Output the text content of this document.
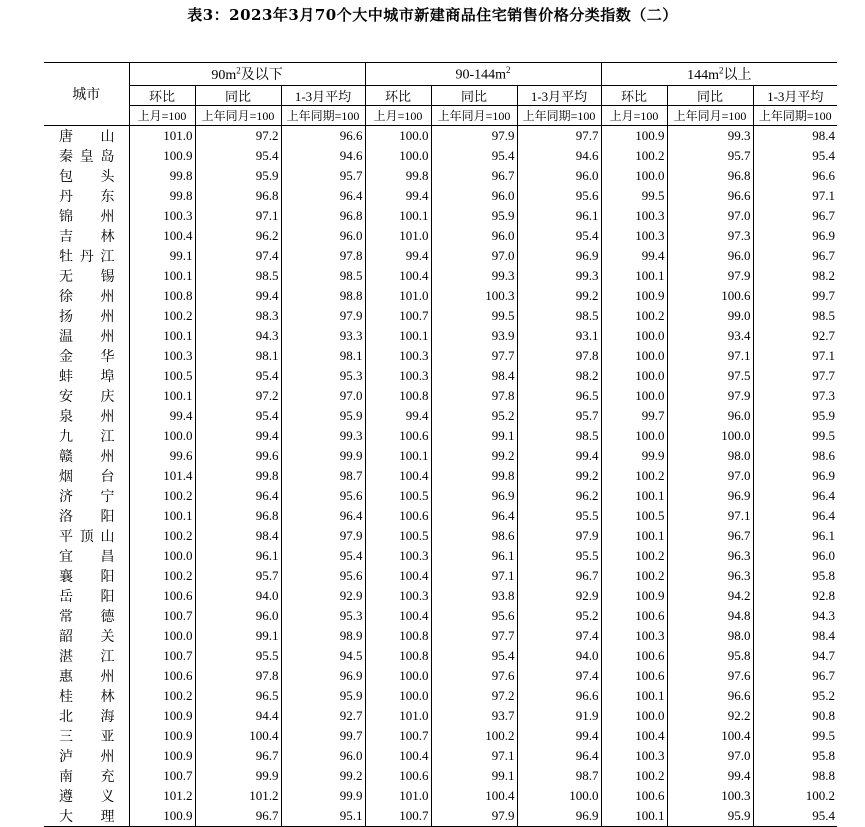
表3：2023年3月70个大中城市新建商品住宅销售价格分类指数（二）
城市	$90m^2$及以下			$90-144m^2$			$144m^2$以上		
	环比	同比	1-3月平均	环比	同比	1-3月平均	环比	同比	1-3月平均
	上月=100	上年同月=100	上年同期=100	上月=100	上年同月=100	上年同期=100	上月=100	上年同月=100	上年同期=100
唐山	101.0	97.2	96.6	100.0	97.9	97.7	100.9	99.3	98.4
秦皇岛	100.9	95.4	94.6	100.0	95.4	94.6	100.2	95.7	95.4
包头	99.8	95.9	95.7	99.8	96.7	96.0	100.0	96.8	96.6
丹东	99.8	96.8	96.4	99.4	96.0	95.6	99.5	96.6	97.1
锦州	100.3	97.1	96.8	100.1	95.9	96.1	100.3	97.0	96.7
吉林	100.4	96.2	96.0	101.0	96.0	95.4	100.3	97.3	96.9
牡丹江	99.1	97.4	97.8	99.4	97.0	96.9	99.4	96.0	96.7
无锡	100.1	98.5	98.5	100.4	99.3	99.3	100.1	97.9	98.2
徐州	100.8	99.4	98.8	101.0	100.3	99.2	100.9	100.6	99.7
扬州	100.2	98.3	97.9	100.7	99.5	98.5	100.2	99.0	98.5
温州	100.1	94.3	93.3	100.1	93.9	93.1	100.0	93.4	92.7
金华	100.3	98.1	98.1	100.3	97.7	97.8	100.0	97.1	97.1
蚌埠	100.5	95.4	95.3	100.3	98.4	98.2	100.0	97.5	97.7
安庆	100.1	97.2	97.0	100.8	97.8	96.5	100.0	97.9	97.3
泉州	99.4	95.4	95.9	99.4	95.2	95.7	99.7	96.0	95.9
九江	100.0	99.4	99.3	100.6	99.1	98.5	100.0	100.0	99.5
赣州	99.6	99.6	99.9	100.1	99.2	99.4	99.9	98.0	98.6
烟台	101.4	99.8	98.7	100.4	99.8	99.2	100.2	97.0	96.9
济宁	100.2	96.4	95.6	100.5	96.9	96.2	100.1	96.9	96.4
洛阳	100.1	96.8	96.4	100.6	96.4	95.5	100.5	97.1	96.4
平顶山	100.2	98.4	97.9	100.5	98.6	97.9	100.1	96.7	96.1
宜昌	100.0	96.1	95.4	100.3	96.1	95.5	100.2	96.3	96.0
襄阳	100.2	95.7	95.6	100.4	97.1	96.7	100.2	96.3	95.8
岳阳	100.6	94.0	92.9	100.3	93.8	92.9	100.9	94.2	92.8
常德	100.7	96.0	95.3	100.4	95.6	95.2	100.6	94.8	94.3
韶关	100.0	99.1	98.9	100.8	97.7	97.4	100.3	98.0	98.4
湛江	100.7	95.5	94.5	100.8	95.4	94.0	100.6	95.8	94.7
惠州	100.6	97.8	96.9	100.0	97.6	97.4	100.6	97.6	96.7
桂林	100.2	96.5	95.9	100.0	97.2	96.6	100.1	96.6	95.2
北海	100.9	94.4	92.7	101.0	93.7	91.9	100.0	92.2	90.8
三亚	100.9	100.4	99.7	100.7	100.2	99.4	100.4	100.4	99.5
泸州	100.9	96.7	96.0	100.4	97.1	96.4	100.3	97.0	95.8
南充	100.7	99.9	99.2	100.6	99.1	98.7	100.2	99.4	98.8
遵义	101.2	101.2	99.9	101.0	100.4	100.0	100.6	100.3	100.2
大理	100.9	96.7	95.1	100.7	97.9	96.9	100.1	95.9	95.4
